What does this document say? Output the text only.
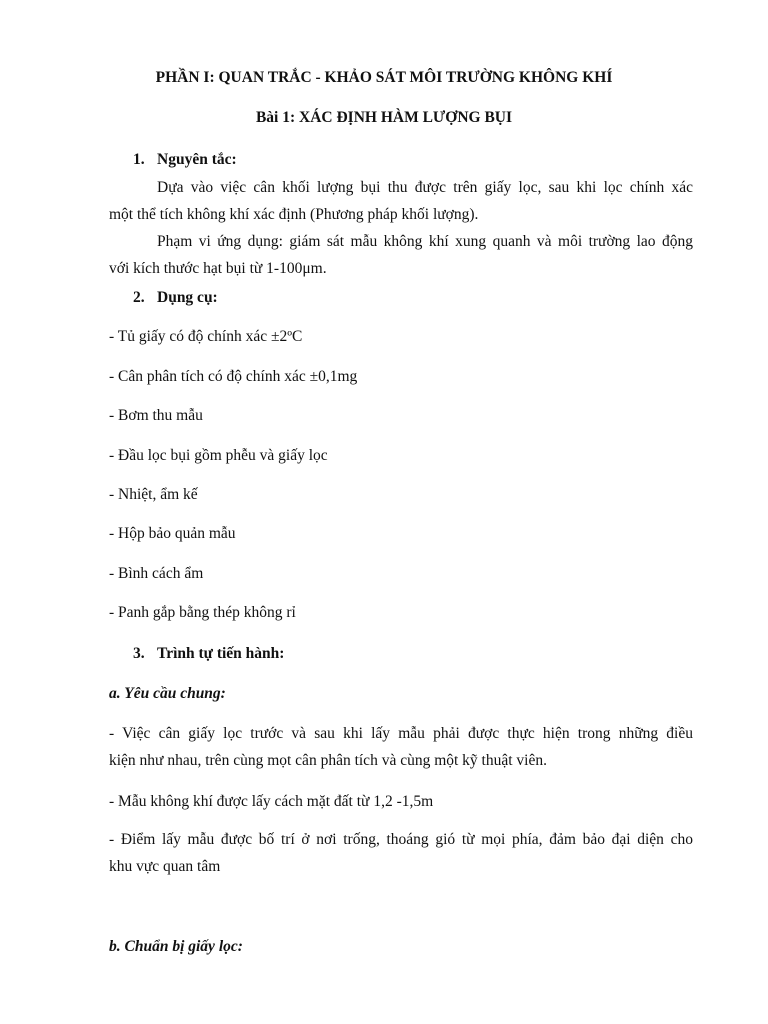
PHẦN I: QUAN TRẮC - KHẢO SÁT MÔI TRƯỜNG KHÔNG KHÍ
Bài 1: XÁC ĐỊNH HÀM LƯỢNG BỤI
1. Nguyên tắc:
Dựa vào việc cân khối lượng bụi thu được trên giấy lọc, sau khi lọc chính xác
một thể tích không khí xác định (Phương pháp khối lượng).
Phạm vi ứng dụng: giám sát mẫu không khí xung quanh và môi trường lao động
với kích thước hạt bụi từ 1-100μm.
2. Dụng cụ:
- Tủ giấy có độ chính xác ±2ºC
- Cân phân tích có độ chính xác ±0,1mg
- Bơm thu mẫu
- Đầu lọc bụi gồm phễu và giấy lọc
- Nhiệt, ẩm kế
- Hộp bảo quản mẫu
- Bình cách ẩm
- Panh gắp bằng thép không rỉ
3. Trình tự tiến hành:
a. Yêu cầu chung:
- Việc cân giấy lọc trước và sau khi lấy mẫu phải được thực hiện trong những điều
kiện như nhau, trên cùng mọt cân phân tích và cùng một kỹ thuật viên.
- Mẫu không khí được lấy cách mặt đất từ 1,2 -1,5m
- Điểm lấy mẫu được bố trí ở nơi trống, thoáng gió từ mọi phía, đảm bảo đại diện cho
khu vực quan tâm
b. Chuẩn bị giấy lọc:
